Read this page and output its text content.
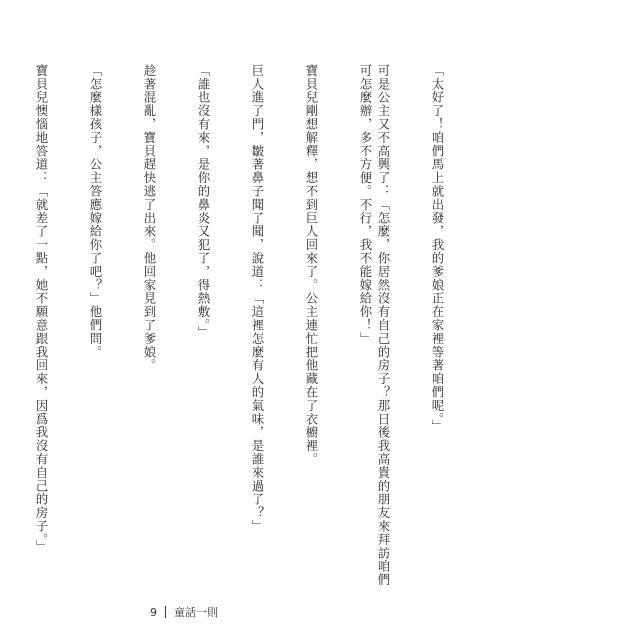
「太好了！咱們馬上就出發，我的爹娘正在家裡等著咱們呢。」

可是公主又不高興了：「怎麼，你居然沒有自己的房子？那日後我高貴的朋友來拜訪咱們可怎麼辦，多不方便。不行，我不能嫁給你！」

寶貝兒剛想解釋，想不到巨人回來了。公主連忙把他藏在了衣櫥裡。

巨人進了門，皺著鼻子聞了聞，說道：「這裡怎麼有人的氣味，是誰來過了？」

「誰也沒有來，是你的鼻炎又犯了，得熱敷。」

趁著混亂，寶貝趕快逃了出來。他回家見到了爹娘。

「怎麼樣孩子，公主答應嫁給你了吧？」他們問。

寶貝兒懊惱地答道：「就差了一點，她不願意跟我回來，因爲我沒有自己的房子。」

9 童話一則
